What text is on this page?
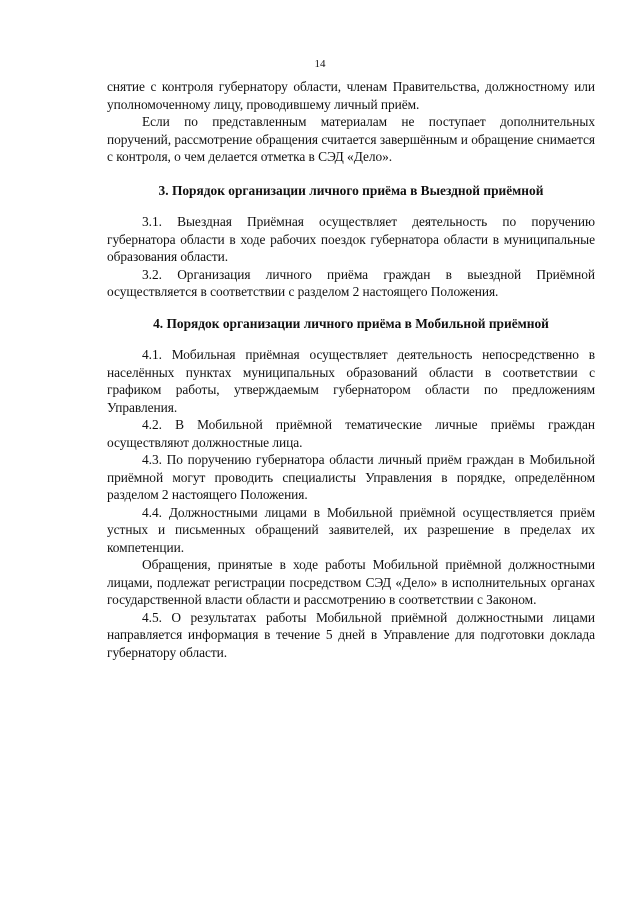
14

снятие с контроля губернатору области, членам Правительства, должностному или уполномоченному лицу, проводившему личный приём.

Если по представленным материалам не поступает дополнительных поручений, рассмотрение обращения считается завершённым и обращение снимается с контроля, о чем делается отметка в СЭД «Дело».

3. Порядок организации личного приёма в Выездной приёмной

3.1. Выездная Приёмная осуществляет деятельность по поручению губернатора области в ходе рабочих поездок губернатора области в муниципальные образования области.

3.2. Организация личного приёма граждан в выездной Приёмной осуществляется в соответствии с разделом 2 настоящего Положения.

4. Порядок организации личного приёма в Мобильной приёмной

4.1. Мобильная приёмная осуществляет деятельность непосредственно в населённых пунктах муниципальных образований области в соответствии с графиком работы, утверждаемым губернатором области по предложениям Управления.

4.2. В Мобильной приёмной тематические личные приёмы граждан осуществляют должностные лица.

4.3. По поручению губернатора области личный приём граждан в Мобильной приёмной могут проводить специалисты Управления в порядке, определённом разделом 2 настоящего Положения.

4.4. Должностными лицами в Мобильной приёмной осуществляется приём устных и письменных обращений заявителей, их разрешение в пределах их компетенции.

Обращения, принятые в ходе работы Мобильной приёмной должностными лицами, подлежат регистрации посредством СЭД «Дело» в исполнительных органах государственной власти области и рассмотрению в соответствии с Законом.

4.5. О результатах работы Мобильной приёмной должностными лицами направляется информация в течение 5 дней в Управление для подготовки доклада губернатору области.
